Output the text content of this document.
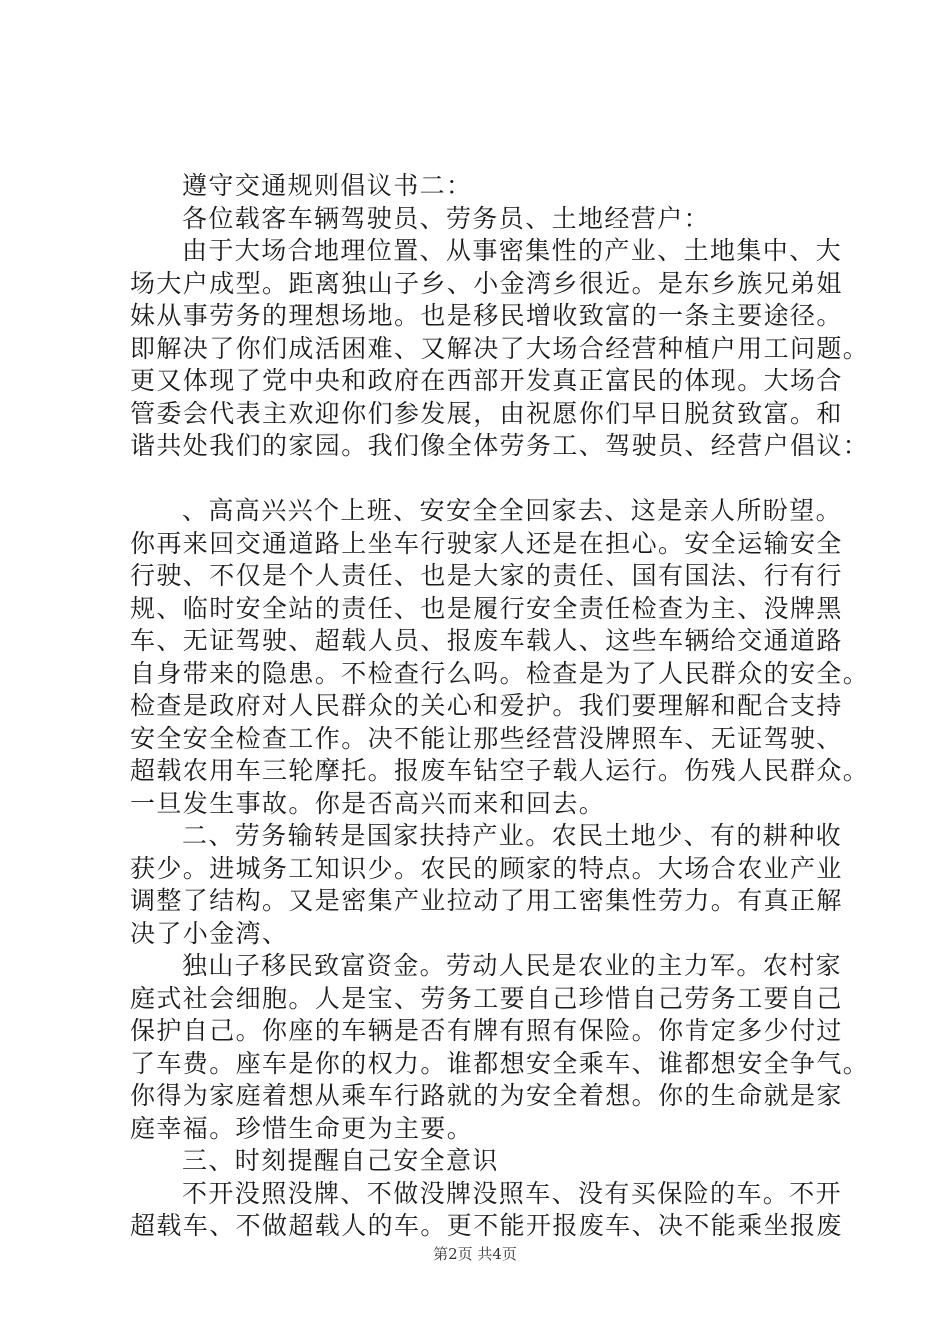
遵守交通规则倡议书二：
各位载客车辆驾驶员、劳务员、土地经营户：
由于大场合地理位置、从事密集性的产业、土地集中、大
场大户成型。距离独山子乡、小金湾乡很近。是东乡族兄弟姐
妹从事劳务的理想场地。也是移民增收致富的一条主要途径。
即解决了你们成活困难、又解决了大场合经营种植户用工问题。
更又体现了党中央和政府在西部开发真正富民的体现。大场合
管委会代表主欢迎你们参发展，由祝愿你们早日脱贫致富。和
谐共处我们的家园。我们像全体劳务工、驾驶员、经营户倡议：
、高高兴兴个上班、安安全全回家去、这是亲人所盼望。
你再来回交通道路上坐车行驶家人还是在担心。安全运输安全
行驶、不仅是个人责任、也是大家的责任、国有国法、行有行
规、临时安全站的责任、也是履行安全责任检查为主、没牌黑
车、无证驾驶、超载人员、报废车载人、这些车辆给交通道路
自身带来的隐患。不检查行么吗。检查是为了人民群众的安全。
检查是政府对人民群众的关心和爱护。我们要理解和配合支持
安全安全检查工作。决不能让那些经营没牌照车、无证驾驶、
超载农用车三轮摩托。报废车钻空子载人运行。伤残人民群众。
一旦发生事故。你是否高兴而来和回去。
二、劳务输转是国家扶持产业。农民土地少、有的耕种收
获少。进城务工知识少。农民的顾家的特点。大场合农业产业
调整了结构。又是密集产业拉动了用工密集性劳力。有真正解
决了小金湾、
独山子移民致富资金。劳动人民是农业的主力军。农村家
庭式社会细胞。人是宝、劳务工要自己珍惜自己劳务工要自己
保护自己。你座的车辆是否有牌有照有保险。你肯定多少付过
了车费。座车是你的权力。谁都想安全乘车、谁都想安全争气。
你得为家庭着想从乘车行路就的为安全着想。你的生命就是家
庭幸福。珍惜生命更为主要。
三、时刻提醒自己安全意识
不开没照没牌、不做没牌没照车、没有买保险的车。不开
超载车、不做超载人的车。更不能开报废车、决不能乘坐报废
第2页 共4页
